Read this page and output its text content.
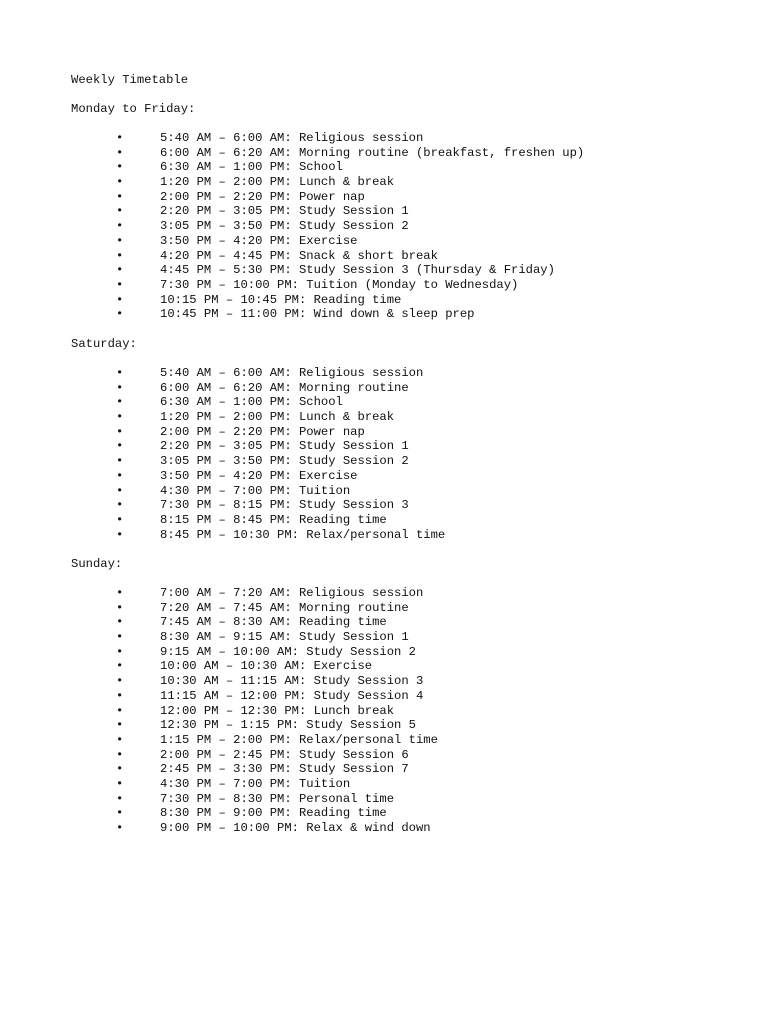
Weekly Timetable
Monday to Friday:
•	5:40 AM – 6:00 AM: Religious session
•	6:00 AM – 6:20 AM: Morning routine (breakfast, freshen up)
•	6:30 AM – 1:00 PM: School
•	1:20 PM – 2:00 PM: Lunch & break
•	2:00 PM – 2:20 PM: Power nap
•	2:20 PM – 3:05 PM: Study Session 1
•	3:05 PM – 3:50 PM: Study Session 2
•	3:50 PM – 4:20 PM: Exercise
•	4:20 PM – 4:45 PM: Snack & short break
•	4:45 PM – 5:30 PM: Study Session 3 (Thursday & Friday)
•	7:30 PM – 10:00 PM: Tuition (Monday to Wednesday)
•	10:15 PM – 10:45 PM: Reading time
•	10:45 PM – 11:00 PM: Wind down & sleep prep
Saturday:
•	5:40 AM – 6:00 AM: Religious session
•	6:00 AM – 6:20 AM: Morning routine
•	6:30 AM – 1:00 PM: School
•	1:20 PM – 2:00 PM: Lunch & break
•	2:00 PM – 2:20 PM: Power nap
•	2:20 PM – 3:05 PM: Study Session 1
•	3:05 PM – 3:50 PM: Study Session 2
•	3:50 PM – 4:20 PM: Exercise
•	4:30 PM – 7:00 PM: Tuition
•	7:30 PM – 8:15 PM: Study Session 3
•	8:15 PM – 8:45 PM: Reading time
•	8:45 PM – 10:30 PM: Relax/personal time
Sunday:
•	7:00 AM – 7:20 AM: Religious session
•	7:20 AM – 7:45 AM: Morning routine
•	7:45 AM – 8:30 AM: Reading time
•	8:30 AM – 9:15 AM: Study Session 1
•	9:15 AM – 10:00 AM: Study Session 2
•	10:00 AM – 10:30 AM: Exercise
•	10:30 AM – 11:15 AM: Study Session 3
•	11:15 AM – 12:00 PM: Study Session 4
•	12:00 PM – 12:30 PM: Lunch break
•	12:30 PM – 1:15 PM: Study Session 5
•	1:15 PM – 2:00 PM: Relax/personal time
•	2:00 PM – 2:45 PM: Study Session 6
•	2:45 PM – 3:30 PM: Study Session 7
•	4:30 PM – 7:00 PM: Tuition
•	7:30 PM – 8:30 PM: Personal time
•	8:30 PM – 9:00 PM: Reading time
•	9:00 PM – 10:00 PM: Relax & wind down
